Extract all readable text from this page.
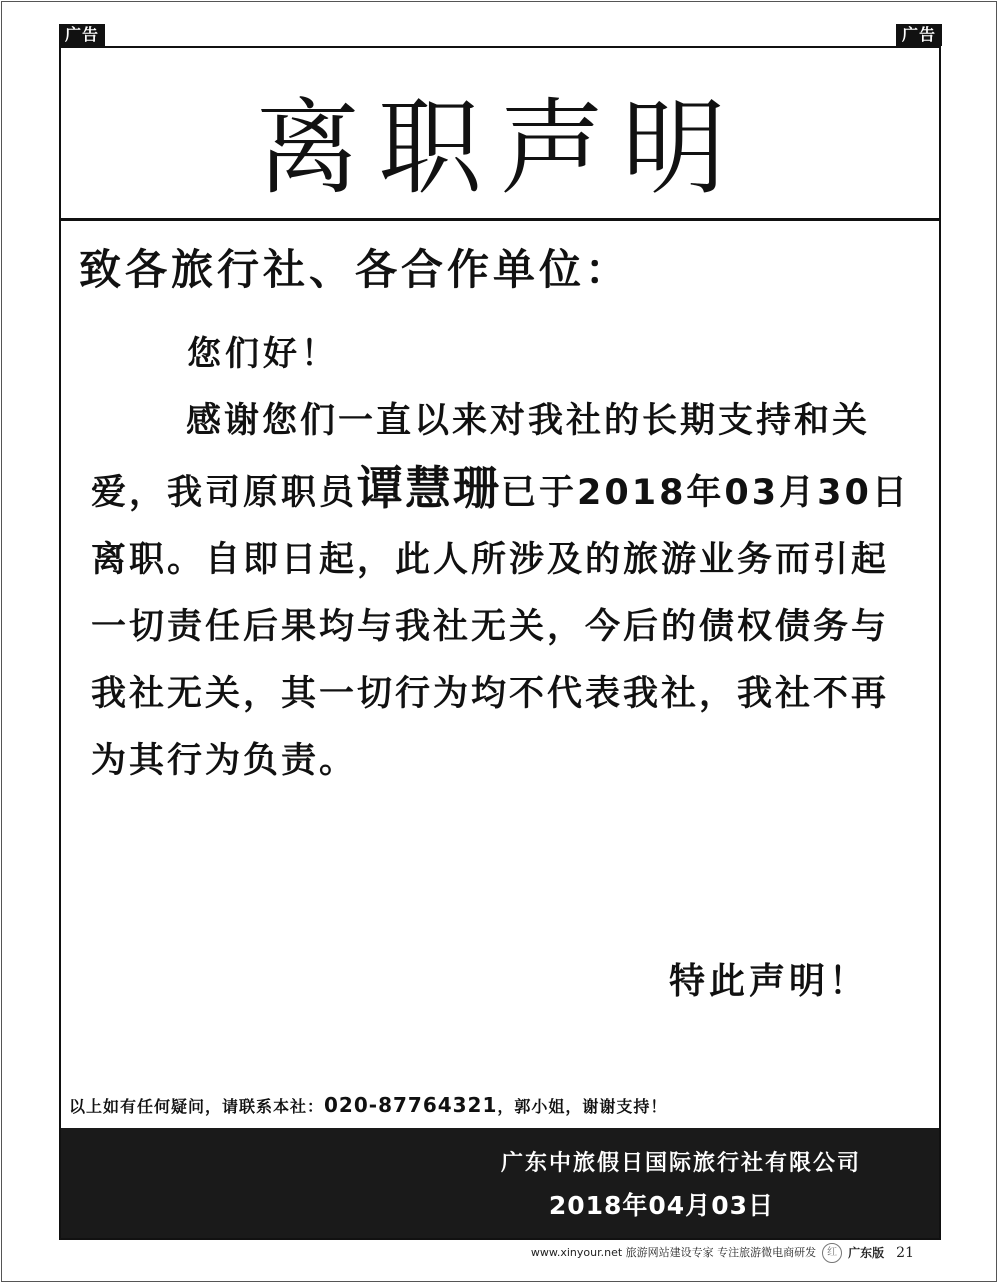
广告	广告
离职声明
致各旅行社、各合作单位：
您们好！
感谢您们一直以来对我社的长期支持和关爱，我司原职员谭慧珊已于2018年03月30日离职。自即日起，此人所涉及的旅游业务而引起一切责任后果均与我社无关，今后的债权债务与我社无关，其一切行为均不代表我社，我社不再为其行为负责。
特此声明！
以上如有任何疑问，请联系本社：020-87764321，郭小姐，谢谢支持！
广东中旅假日国际旅行社有限公司
2018年04月03日
www.xinyour.net 旅游网站建设专家 专注旅游微电商研发	红 广东版 21
